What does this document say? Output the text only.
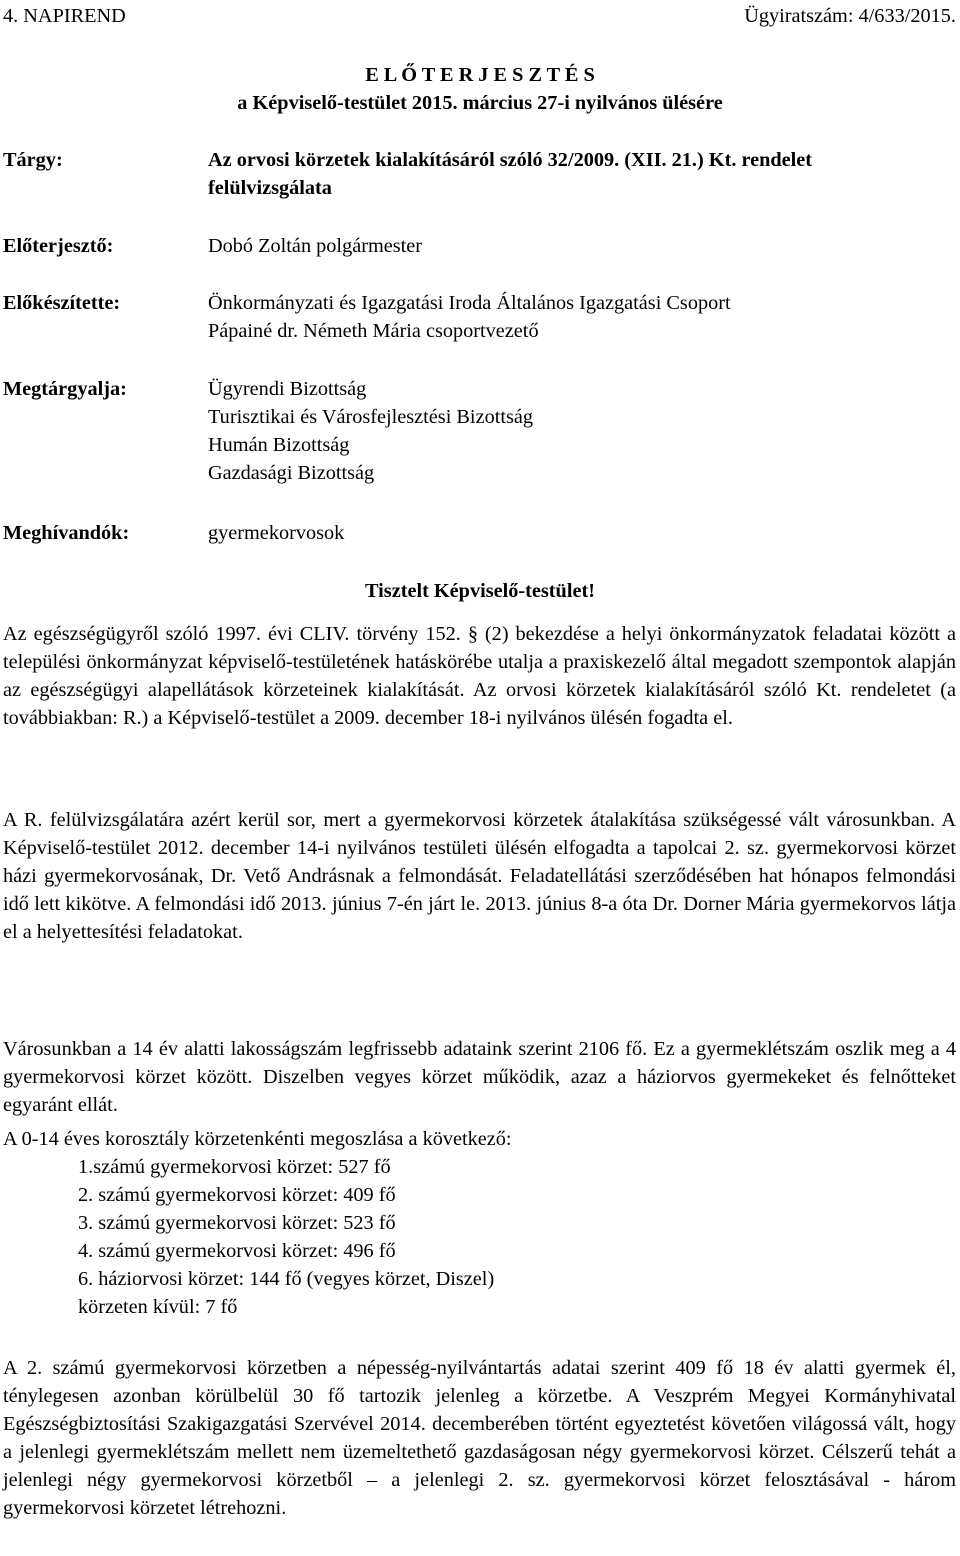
4. NAPIREND	Ügyiratszám: 4/633/2015.
E L Ő T E R J E S Z T É S
a Képviselő-testület 2015. március 27-i nyilvános ülésére
Tárgy:	Az orvosi körzetek kialakításáról szóló 32/2009. (XII. 21.) Kt. rendelet
felülvizsgálata
Előterjesztő:	Dobó Zoltán polgármester
Előkészítette:	Önkormányzati és Igazgatási Iroda Általános Igazgatási Csoport
Pápainé dr. Németh Mária csoportvezető
Megtárgyalja:	Ügyrendi Bizottság
Turisztikai és Városfejlesztési Bizottság
Humán Bizottság
Gazdasági Bizottság
Meghívandók:	gyermekorvosok
Tisztelt Képviselő-testület!

Az egészségügyről szóló 1997. évi CLIV. törvény 152. § (2) bekezdése a helyi önkormányzatok feladatai között a települési önkormányzat képviselő-testületének hatáskörébe utalja a praxiskezelő által megadott szempontok alapján az egészségügyi alapellátások körzeteinek kialakítását. Az orvosi körzetek kialakításáról szóló Kt. rendeletet (a továbbiakban: R.) a Képviselő-testület a 2009. december 18-i nyilvános ülésén fogadta el.

A R. felülvizsgálatára azért kerül sor, mert a gyermekorvosi körzetek átalakítása szükségessé vált városunkban. A Képviselő-testület 2012. december 14-i nyilvános testületi ülésén elfogadta a tapolcai 2. sz. gyermekorvosi körzet házi gyermekorvosának, Dr. Vető Andrásnak a felmondását. Feladatellátási szerződésében hat hónapos felmondási idő lett kikötve. A felmondási idő 2013. június 7-én járt le. 2013. június 8-a óta Dr. Dorner Mária gyermekorvos látja el a helyettesítési feladatokat.

Városunkban a 14 év alatti lakosságszám legfrissebb adataink szerint 2106 fő. Ez a gyermeklétszám oszlik meg a 4 gyermekorvosi körzet között. Diszelben vegyes körzet működik, azaz a háziorvos gyermekeket és felnőtteket egyaránt ellát.

A 0-14 éves korosztály körzetenkénti megoszlása a következő:

1.számú gyermekorvosi körzet: 527 fő
2. számú gyermekorvosi körzet: 409 fő
3. számú gyermekorvosi körzet: 523 fő
4. számú gyermekorvosi körzet: 496 fő
6. háziorvosi körzet: 144 fő (vegyes körzet, Diszel)
körzeten kívül: 7 fő

A 2. számú gyermekorvosi körzetben a népesség-nyilvántartás adatai szerint 409 fő 18 év alatti gyermek él, ténylegesen azonban körülbelül 30 fő tartozik jelenleg a körzetbe. A Veszprém Megyei Kormányhivatal Egészségbiztosítási Szakigazgatási Szervével 2014. decemberében történt egyeztetést követően világossá vált, hogy a jelenlegi gyermeklétszám mellett nem üzemeltethető gazdaságosan négy gyermekorvosi körzet. Célszerű tehát a jelenlegi négy gyermekorvosi körzetből – a jelenlegi 2. sz. gyermekorvosi körzet felosztásával - három gyermekorvosi körzetet létrehozni.
